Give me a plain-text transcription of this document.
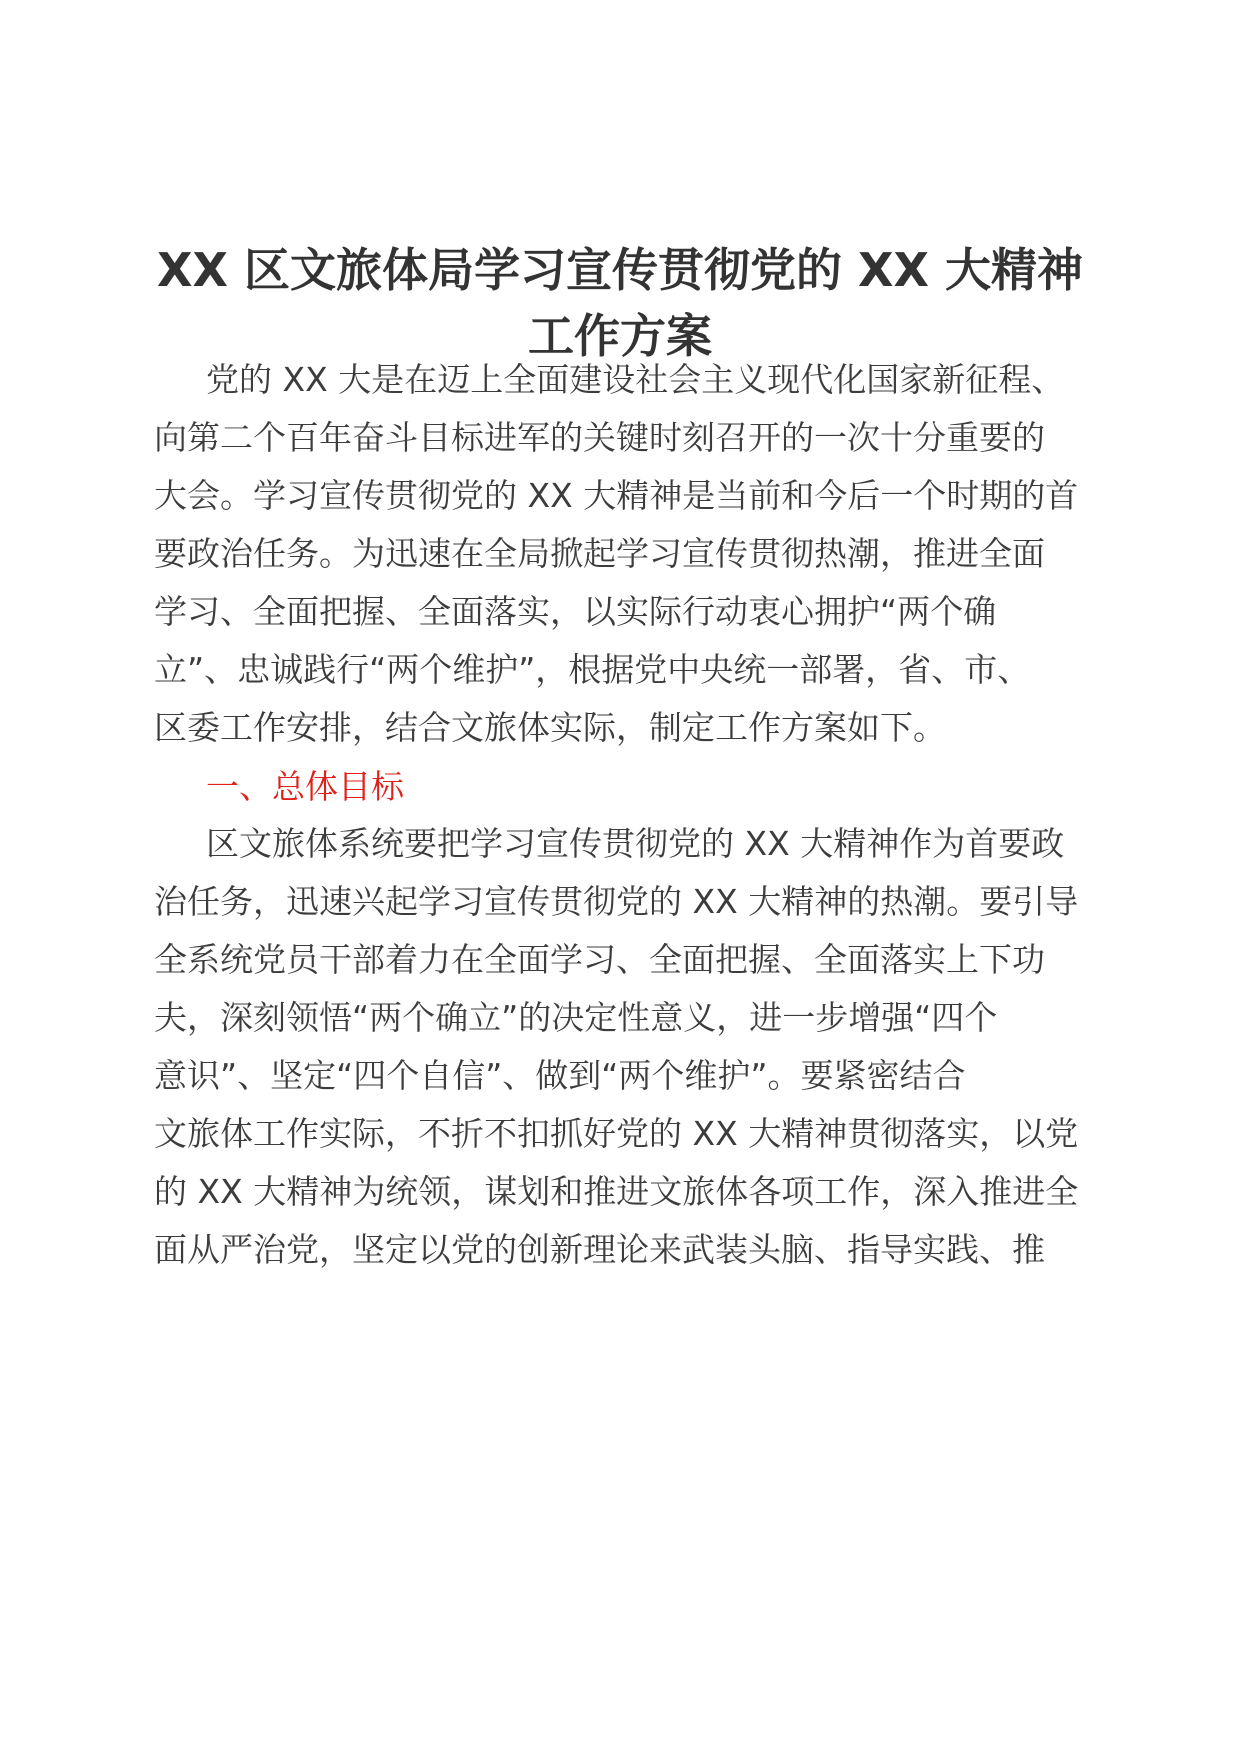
XX 区文旅体局学习宣传贯彻党的 XX 大精神
工作方案
党的 XX 大是在迈上全面建设社会主义现代化国家新征程、
向第二个百年奋斗目标进军的关键时刻召开的一次十分重要的
大会。学习宣传贯彻党的 XX 大精神是当前和今后一个时期的首
要政治任务。为迅速在全局掀起学习宣传贯彻热潮，推进全面
学习、全面把握、全面落实，以实际行动衷心拥护“两个确
立”、忠诚践行“两个维护”，根据党中央统一部署，省、市、
区委工作安排，结合文旅体实际，制定工作方案如下。
一、总体目标
区文旅体系统要把学习宣传贯彻党的 XX 大精神作为首要政
治任务，迅速兴起学习宣传贯彻党的 XX 大精神的热潮。要引导
全系统党员干部着力在全面学习、全面把握、全面落实上下功
夫，深刻领悟“两个确立”的决定性意义，进一步增强“四个
意识”、坚定“四个自信”、做到“两个维护”。要紧密结合
文旅体工作实际，不折不扣抓好党的 XX 大精神贯彻落实，以党
的 XX 大精神为统领，谋划和推进文旅体各项工作，深入推进全
面从严治党，坚定以党的创新理论来武装头脑、指导实践、推
